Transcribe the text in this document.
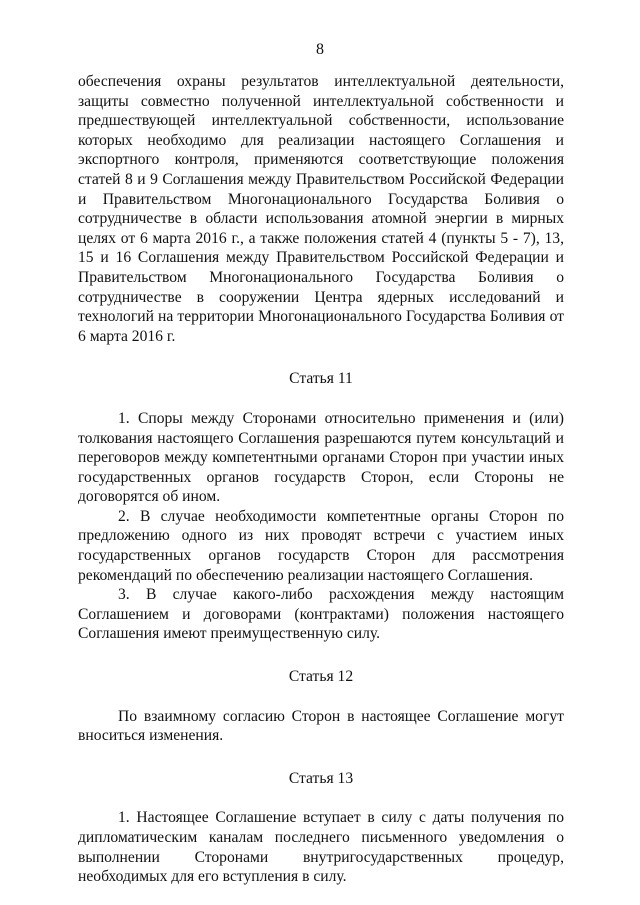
8

обеспечения охраны результатов интеллектуальной деятельности, защиты совместно полученной интеллектуальной собственности и предшествующей интеллектуальной собственности, использование которых необходимо для реализации настоящего Соглашения и экспортного контроля, применяются соответствующие положения статей 8 и 9 Соглашения между Правительством Российской Федерации и Правительством Многонационального Государства Боливия о сотрудничестве в области использования атомной энергии в мирных целях от 6 марта 2016 г., а также положения статей 4 (пункты 5 - 7), 13, 15 и 16 Соглашения между Правительством Российской Федерации и Правительством Многонационального Государства Боливия о сотрудничестве в сооружении Центра ядерных исследований и технологий на территории Многонационального Государства Боливия от 6 марта 2016 г.

Статья 11

1. Споры между Сторонами относительно применения и (или) толкования настоящего Соглашения разрешаются путем консультаций и переговоров между компетентными органами Сторон при участии иных государственных органов государств Сторон, если Стороны не договорятся об ином.

2. В случае необходимости компетентные органы Сторон по предложению одного из них проводят встречи с участием иных государственных органов государств Сторон для рассмотрения рекомендаций по обеспечению реализации настоящего Соглашения.

3. В случае какого-либо расхождения между настоящим Соглашением и договорами (контрактами) положения настоящего Соглашения имеют преимущественную силу.

Статья 12

По взаимному согласию Сторон в настоящее Соглашение могут вноситься изменения.

Статья 13

1. Настоящее Соглашение вступает в силу с даты получения по дипломатическим каналам последнего письменного уведомления о выполнении Сторонами внутригосударственных процедур, необходимых для его вступления в силу.
